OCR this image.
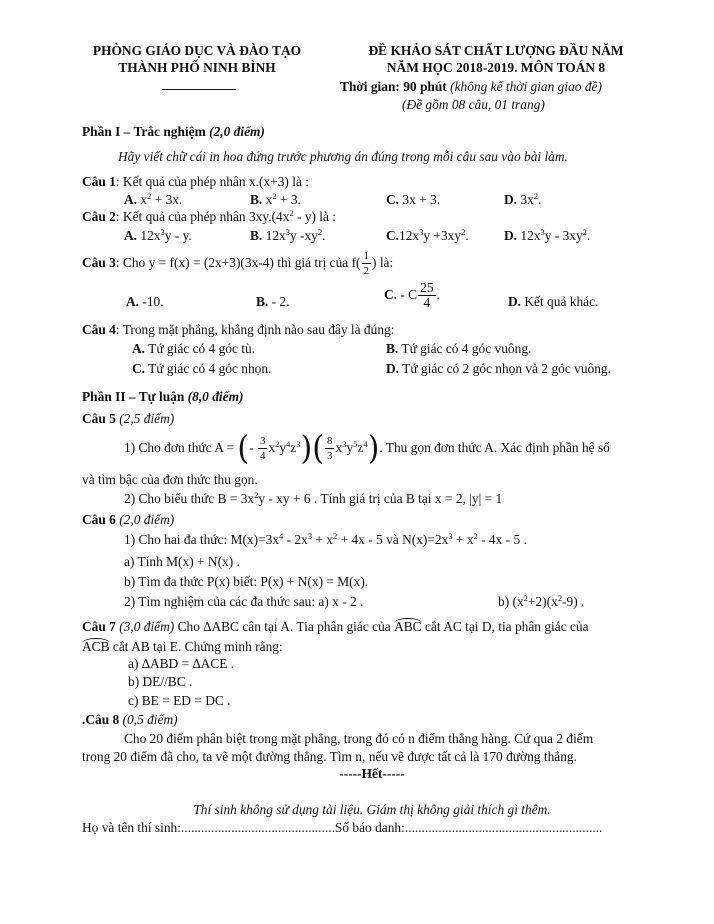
PHÒNG GIÁO DỤC VÀ ĐÀO TẠO
THÀNH PHỐ NINH BÌNH
ĐỀ KHẢO SÁT CHẤT LƯỢNG ĐẦU NĂM
NĂM HỌC 2018-2019. MÔN TOÁN 8
Thời gian: 90 phút (không kể thời gian giao đề)
(Đề gồm 08 câu, 01 trang)
Phần I – Trắc nghiệm (2,0 điểm)
Hãy viết chữ cái in hoa đứng trước phương án đúng trong mỗi câu sau vào bài làm.
Câu 1: Kết quả của phép nhân x.(x+3) là :
A. $x^2 + 3x$.	B. $x^2 + 3$.	C. 3x + 3.	D. $3x^2$.
Câu 2: Kết quả của phép nhân $3xy.(4x^2 - y)$ là :
A. $12x^3y$ - y.	B. $12x^3y$ $-xy^2$.	$C.12x^3y +3xy^2$.	D. $12x^3y - 3xy^2$.
Câu 3: Cho y = f(x) = (2x+3)(3x-4) thì giá trị của $f( \frac{1}{2}$ ) là:
A. -10.	B. - 2.	C. - C $\frac{25}{4}$ .	D. Kết quả khác.
Câu 4: Trong mặt phẳng, khẳng định nào sau đây là đúng:
A. Tứ giác có 4 góc tù.	B. Tứ giác có 4 góc vuông.
C. Tứ giác có 4 góc nhọn.	D. Tứ giác có 2 góc nhọn và 2 góc vuông.
Phần II – Tự luận (8,0 điểm)
Câu 5 (2,5 điểm)
1) Cho đơn thức A = (- $\frac{3}{4} x^2y^4z^3)( \frac{8}{3} x^3y^5z^4)$. Thu gọn đơn thức A. Xác định phần hệ số
và tìm bậc của đơn thức thu gọn.
2) Cho biểu thức $B = 3x^2y$ - xy + 6 . Tính giá trị của B tại x = 2, |y| = 1
Câu 6 (2,0 điểm)
1) Cho hai đa thức: $M(x)=3x^4 - 2x^3 + x^2 + 4x - 5$ và $N(x)=2x^3 + x^2 - 4x - 5$ .
a) Tính M(x) + N(x) .
b) Tìm đa thức P(x) biết: P(x) + N(x) = M(x).
2) Tìm nghiệm của các đa thức sau: a) x - 2 .	b) $(x^2+2)(x^2-9)$ .
Câu 7 (3,0 điểm) Cho ∆ABC cân tại A. Tia phân giác của ABC cắt AC tại D, tia phân giác của
ACB cắt AB tại E. Chứng minh rằng:
a) ∆ABD = ∆ACE .
b) DE//BC .
c) BE = ED = DC .
.Câu 8 (0,5 điểm)
Cho 20 điểm phân biệt trong mặt phẳng, trong đó có n điểm thẳng hàng. Cứ qua 2 điểm
trong 20 điểm đã cho, ta vẽ một đường thẳng. Tìm n, nếu vẽ được tất cả là 170 đường thẳng.
-----Hết-----
Thí sinh không sử dụng tài liệu. Giám thị không giải thích gì thêm.
Họ và tên thí sinh:..............................................Số báo danh:...........................................................
